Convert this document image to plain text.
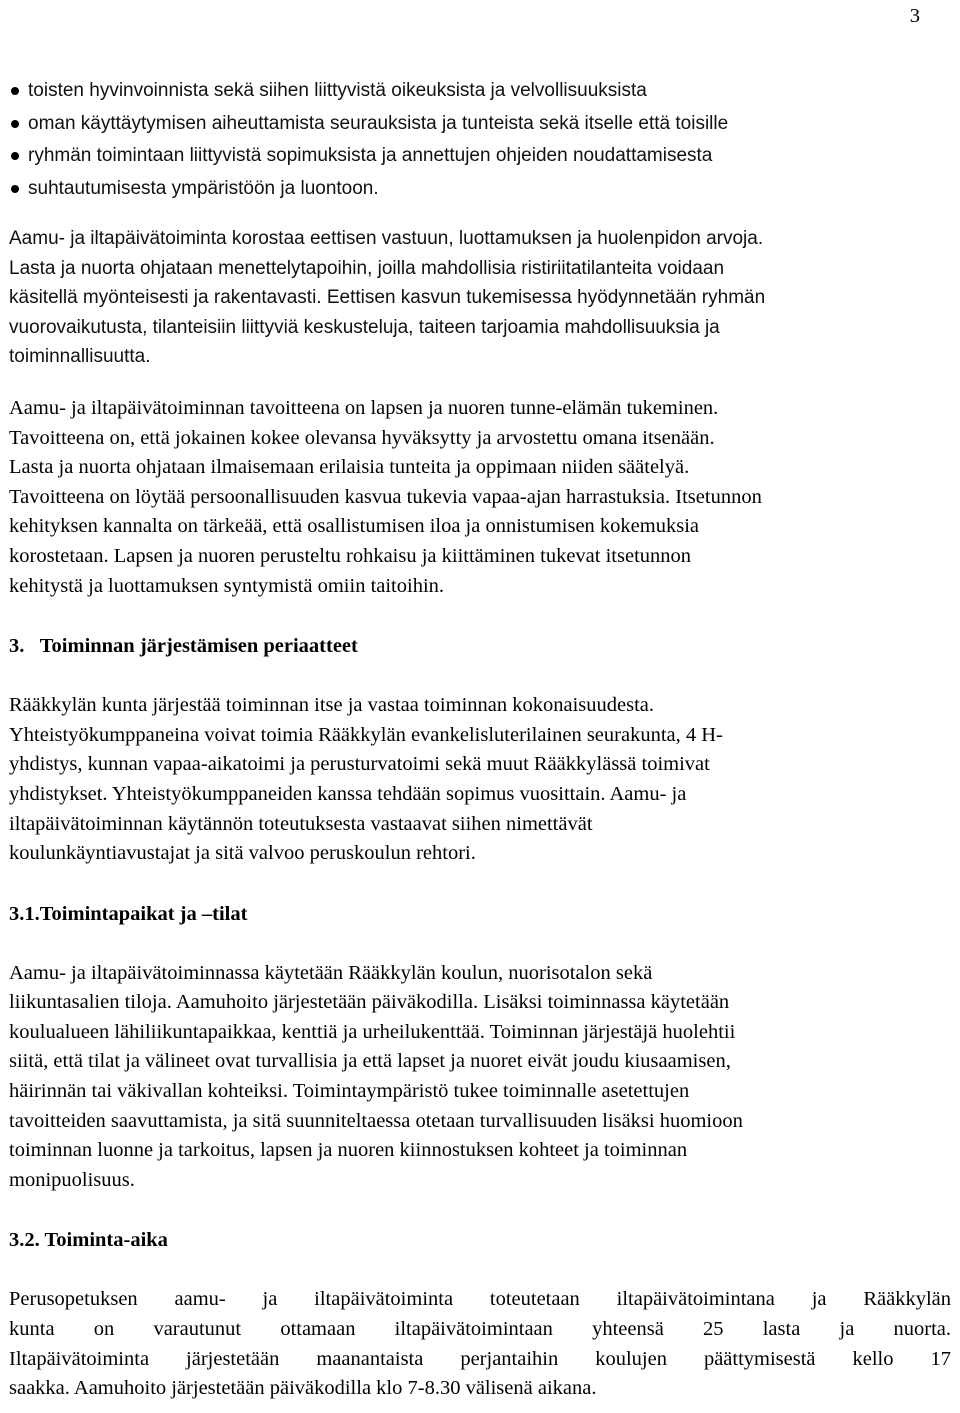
3
toisten hyvinvoinnista sekä siihen liittyvistä oikeuksista ja velvollisuuksista
oman käyttäytymisen aiheuttamista seurauksista ja tunteista sekä itselle että toisille
ryhmän toimintaan liittyvistä sopimuksista ja annettujen ohjeiden noudattamisesta
suhtautumisesta ympäristöön ja luontoon.
Aamu- ja iltapäivätoiminta korostaa eettisen vastuun, luottamuksen ja huolenpidon arvoja.
Lasta ja nuorta ohjataan menettelytapoihin, joilla mahdollisia ristiriitatilanteita voidaan
käsitellä myönteisesti ja rakentavasti. Eettisen kasvun tukemisessa hyödynnetään ryhmän
vuorovaikutusta, tilanteisiin liittyviä keskusteluja, taiteen tarjoamia mahdollisuuksia ja
toiminnallisuutta.
Aamu- ja iltapäivätoiminnan tavoitteena on lapsen ja nuoren tunne-elämän tukeminen.
Tavoitteena on, että jokainen kokee olevansa hyväksytty ja arvostettu omana itsenään.
Lasta ja nuorta ohjataan ilmaisemaan erilaisia tunteita ja oppimaan niiden säätelyä.
Tavoitteena on löytää persoonallisuuden kasvua tukevia vapaa-ajan harrastuksia. Itsetunnon
kehityksen kannalta on tärkeää, että osallistumisen iloa ja onnistumisen kokemuksia
korostetaan. Lapsen ja nuoren perusteltu rohkaisu ja kiittäminen tukevat itsetunnon
kehitystä ja luottamuksen syntymistä omiin taitoihin.
3.   Toiminnan järjestämisen periaatteet
Rääkkylän kunta järjestää toiminnan itse ja vastaa toiminnan kokonaisuudesta.
Yhteistyökumppaneina voivat toimia Rääkkylän evankelisluterilainen seurakunta, 4 H-
yhdistys, kunnan vapaa-aikatoimi ja perusturvatoimi sekä muut Rääkkylässä toimivat
yhdistykset. Yhteistyökumppaneiden kanssa tehdään sopimus vuosittain. Aamu- ja
iltapäivätoiminnan käytännön toteutuksesta vastaavat siihen nimettävät
koulunkäyntiavustajat ja sitä valvoo peruskoulun rehtori.
3.1.Toimintapaikat ja –tilat
Aamu- ja iltapäivätoiminnassa käytetään Rääkkylän koulun, nuorisotalon sekä
liikuntasalien tiloja. Aamuhoito järjestetään päiväkodilla. Lisäksi toiminnassa käytetään
koulualueen lähiliikuntapaikkaa, kenttiä ja urheilukenttää. Toiminnan järjestäjä huolehtii
siitä, että tilat ja välineet ovat turvallisia ja että lapset ja nuoret eivät joudu kiusaamisen,
häirinnän tai väkivallan kohteiksi. Toimintaympäristö tukee toiminnalle asetettujen
tavoitteiden saavuttamista, ja sitä suunniteltaessa otetaan turvallisuuden lisäksi huomioon
toiminnan luonne ja tarkoitus, lapsen ja nuoren kiinnostuksen kohteet ja toiminnan
monipuolisuus.
3.2. Toiminta-aika
Perusopetuksen aamu- ja iltapäivätoiminta toteutetaan iltapäivätoimintana ja Rääkkylän
kunta on varautunut ottamaan iltapäivätoimintaan yhteensä 25 lasta ja nuorta.
Iltapäivätoiminta järjestetään maanantaista perjantaihin koulujen päättymisestä kello 17
saakka. Aamuhoito järjestetään päiväkodilla klo 7-8.30 välisenä aikana.
